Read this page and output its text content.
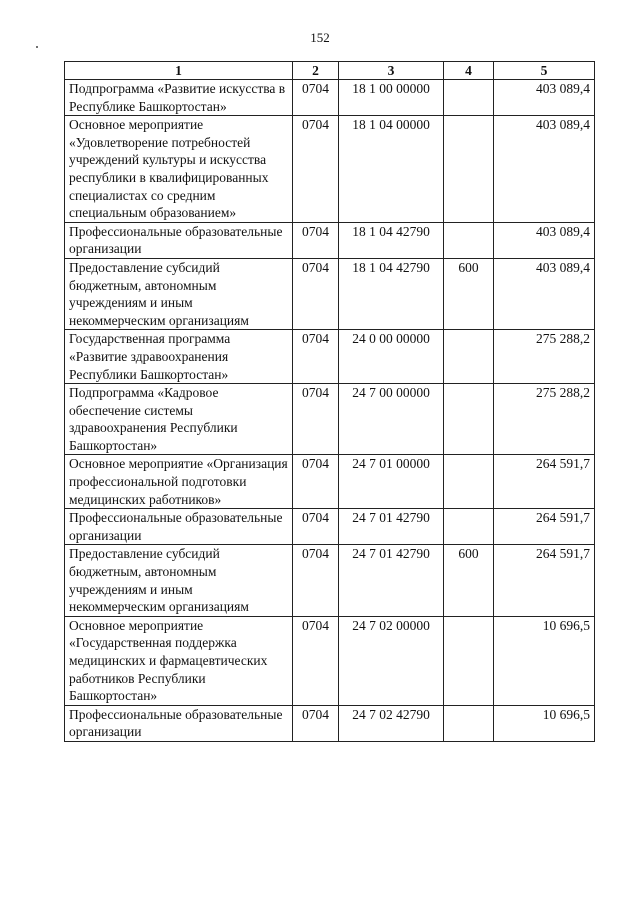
152
1	2	3	4	5
Подпрограмма «Развитие искусства в Республике Башкортостан»	0704	18 1 00 00000		403 089,4
Основное мероприятие «Удовлетворение потребностей учреждений культуры и искусства республики в квалифицированных специалистах со средним специальным образованием»	0704	18 1 04 00000		403 089,4
Профессиональные образовательные организации	0704	18 1 04 42790		403 089,4
Предоставление субсидий бюджетным, автономным учреждениям и иным некоммерческим организациям	0704	18 1 04 42790	600	403 089,4
Государственная программа «Развитие здравоохранения Республики Башкортостан»	0704	24 0 00 00000		275 288,2
Подпрограмма «Кадровое обеспечение системы здравоохранения Республики Башкортостан»	0704	24 7 00 00000		275 288,2
Основное мероприятие «Организация профессиональной подготовки медицинских работников»	0704	24 7 01 00000		264 591,7
Профессиональные образовательные организации	0704	24 7 01 42790		264 591,7
Предоставление субсидий бюджетным, автономным учреждениям и иным некоммерческим организациям	0704	24 7 01 42790	600	264 591,7
Основное мероприятие «Государственная поддержка медицинских и фармацевтических работников Республики Башкортостан»	0704	24 7 02 00000		10 696,5
Профессиональные образовательные организации	0704	24 7 02 42790		10 696,5
